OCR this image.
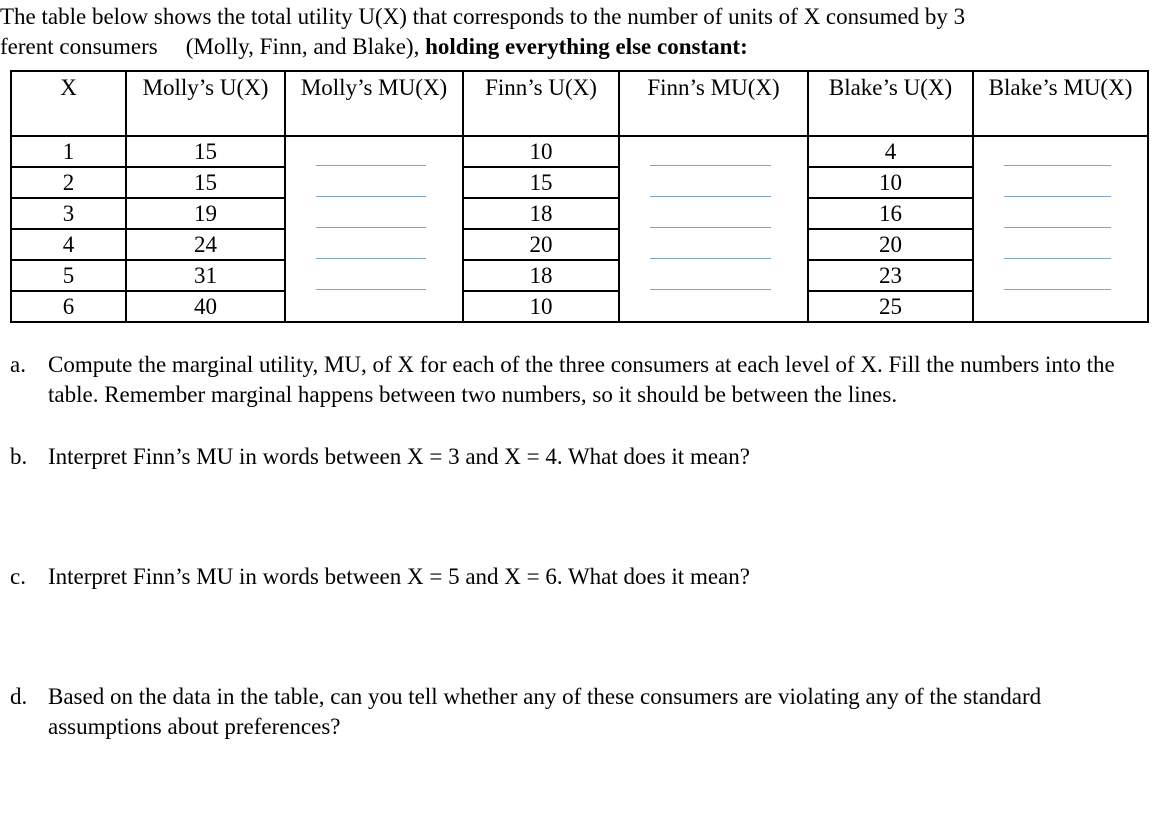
The table below shows the total utility U(X) that corresponds to the number of units of X consumed by 3
ferent consumers (Molly, Finn, and Blake), holding everything else constant:
X	Molly’s U(X)	Molly’s MU(X)	Finn’s U(X)	Finn’s MU(X)	Blake’s U(X)	Blake’s MU(X)
1	15		10		4	
2	15		15		10	

3	19		18		16	

4	24		20		20	

5	31		18		23	

6	40		10		25	
a. Compute the marginal utility, MU, of X for each of the three consumers at each level of X. Fill the numbers into the table. Remember marginal happens between two numbers, so it should be between the lines.
b. Interpret Finn’s MU in words between X = 3 and X = 4. What does it mean?
c. Interpret Finn’s MU in words between X = 5 and X = 6. What does it mean?
d. Based on the data in the table, can you tell whether any of these consumers are violating any of the standard assumptions about preferences?
